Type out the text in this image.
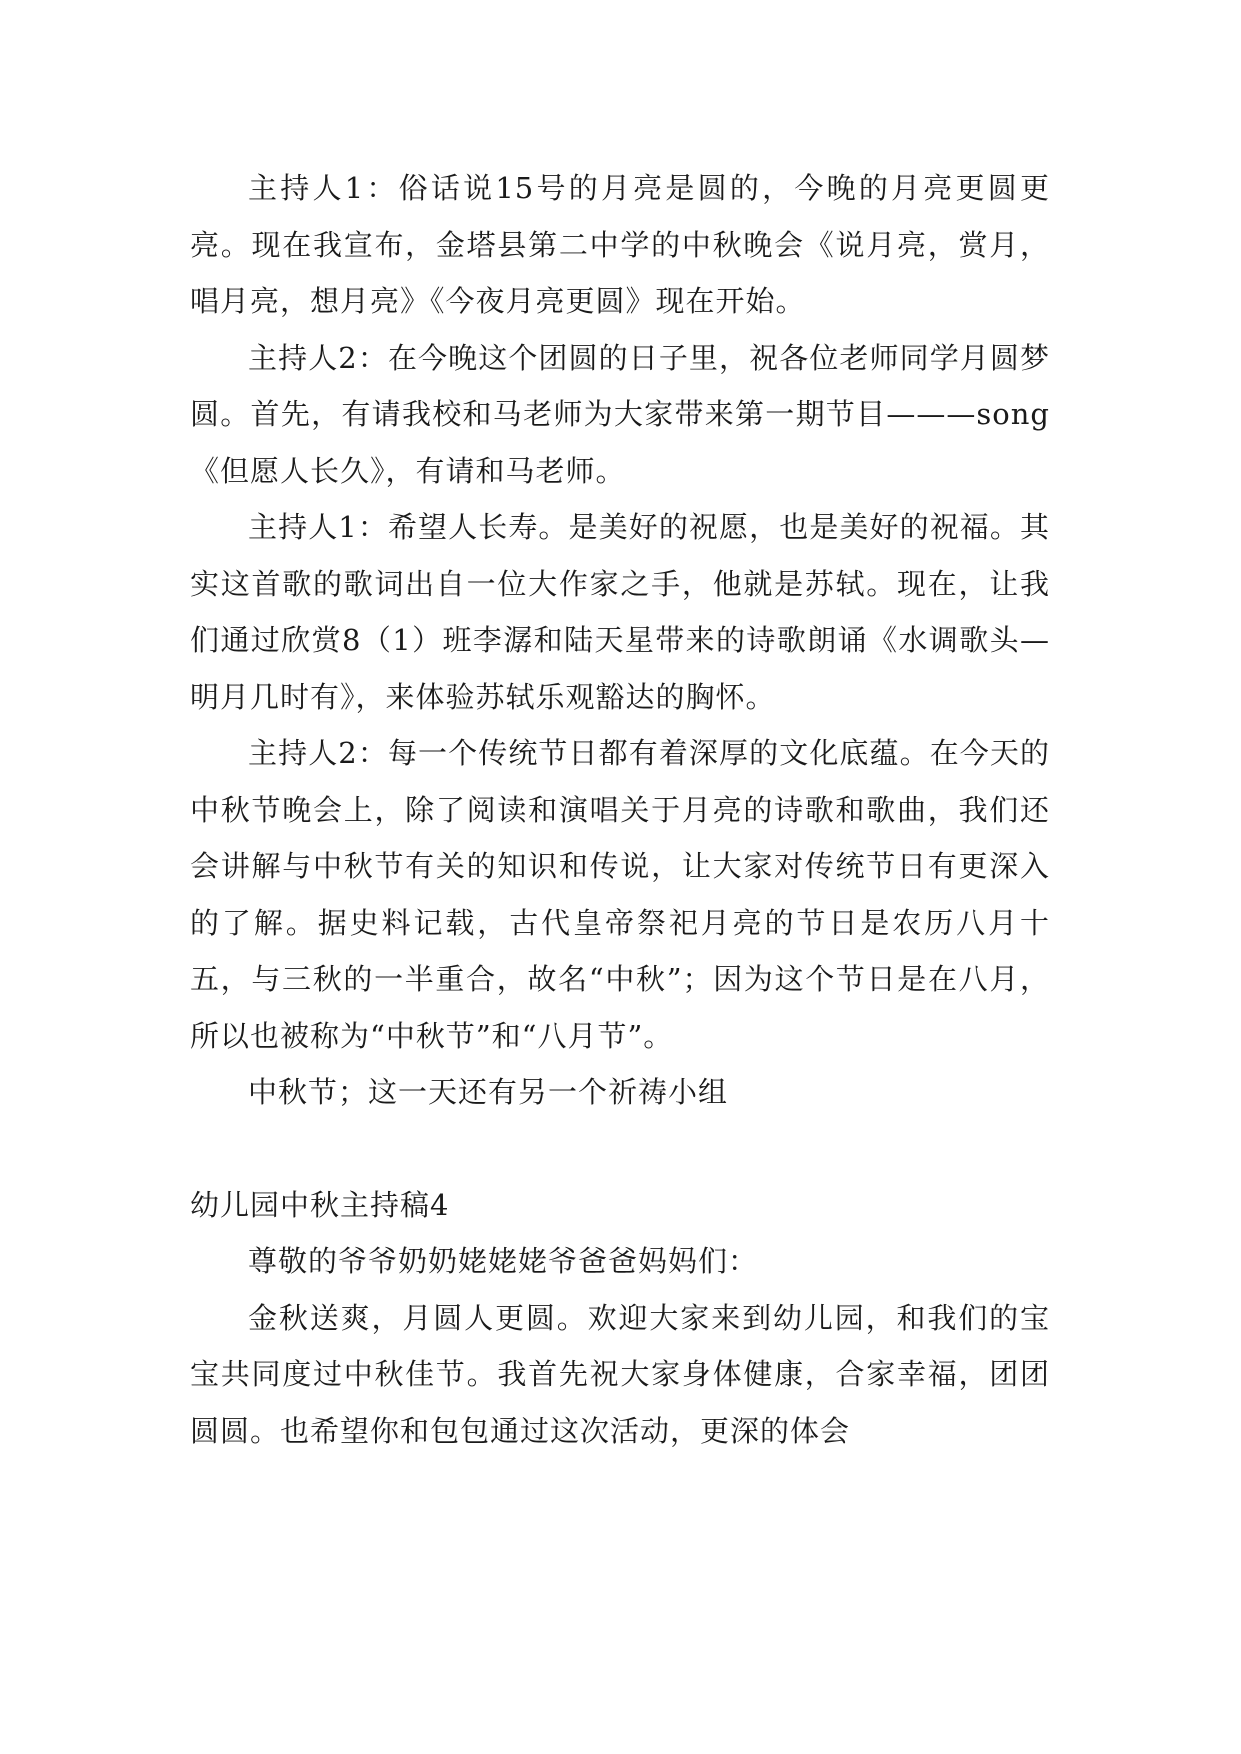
主持人1：俗话说15号的月亮是圆的，今晚的月亮更圆更亮。现在我宣布，金塔县第二中学的中秋晚会《说月亮，赏月，唱月亮，想月亮》《今夜月亮更圆》现在开始。

主持人2：在今晚这个团圆的日子里，祝各位老师同学月圆梦圆。首先，有请我校和马老师为大家带来第一期节目———song《但愿人长久》，有请和马老师。

主持人1：希望人长寿。是美好的祝愿，也是美好的祝福。其实这首歌的歌词出自一位大作家之手，他就是苏轼。现在，让我们通过欣赏8（1）班李潺和陆天星带来的诗歌朗诵《水调歌头—明月几时有》，来体验苏轼乐观豁达的胸怀。

主持人2：每一个传统节日都有着深厚的文化底蕴。在今天的中秋节晚会上，除了阅读和演唱关于月亮的诗歌和歌曲，我们还会讲解与中秋节有关的知识和传说，让大家对传统节日有更深入的了解。据史料记载，古代皇帝祭祀月亮的节日是农历八月十五，与三秋的一半重合，故名“中秋”；因为这个节日是在八月，所以也被称为“中秋节”和“八月节”。

中秋节；这一天还有另一个祈祷小组

幼儿园中秋主持稿4

尊敬的爷爷奶奶姥姥姥爷爸爸妈妈们：

金秋送爽，月圆人更圆。欢迎大家来到幼儿园，和我们的宝宝共同度过中秋佳节。我首先祝大家身体健康，合家幸福，团团圆圆。也希望你和包包通过这次活动，更深的体会
